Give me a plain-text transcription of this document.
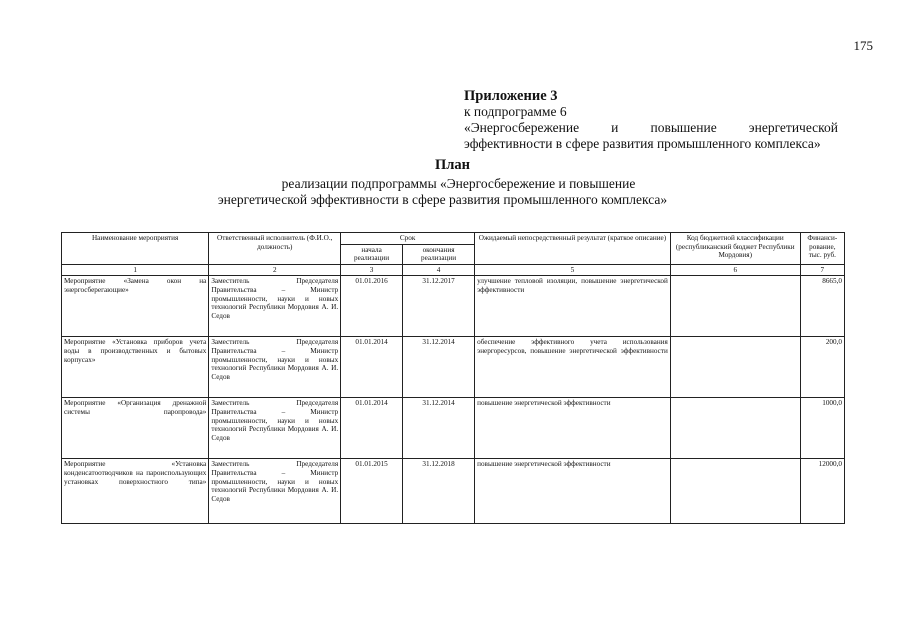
175
Приложение 3
к подпрограмме 6
«Энергосбережение и повышение энергетической
эффективности в сфере развития промышленного комплекса»
План
реализации подпрограммы «Энергосбережение и повышение
энергетической эффективности в сфере развития промышленного комплекса»
Наименование мероприятия	Ответственный исполнитель (Ф.И.О., должность)	Срок		Ожидаемый непосредственный результат (краткое описание)	Код бюджетной классификации (республиканский бюджет Республики Мордовия)	Финанси-рование, тыс. руб.
		начала реализации	окончания реализации			
1	2	3	4	5	6	7
Мероприятие «Замена окон на энергосберегающие»	Заместитель Председателя Правительства – Министр промышленности, науки и новых технологий Республики Мордовия А. И. Седов	01.01.2016	31.12.2017	улучшение тепловой изоляции, повышение энергетической эффективности		8665,0
Мероприятие «Установка приборов учета воды в производственных и бытовых корпусах»	Заместитель Председателя Правительства – Министр промышленности, науки и новых технологий Республики Мордовия А. И. Седов	01.01.2014	31.12.2014	обеспечение эффективного учета использования энергоресурсов, повышение энергетической эффективности		200,0
Мероприятие «Организация дренажной системы паропровода»	Заместитель Председателя Правительства – Министр промышленности, науки и новых технологий Республики Мордовия А. И. Седов	01.01.2014	31.12.2014	повышение энергетической эффективности		1000,0
Мероприятие «Установка конденсатоотводчиков на пароиспользующих установках поверхностного типа»	Заместитель Председателя Правительства – Министр промышленности, науки и новых технологий Республики Мордовия А. И. Седов	01.01.2015	31.12.2018	повышение энергетической эффективности		12000,0
